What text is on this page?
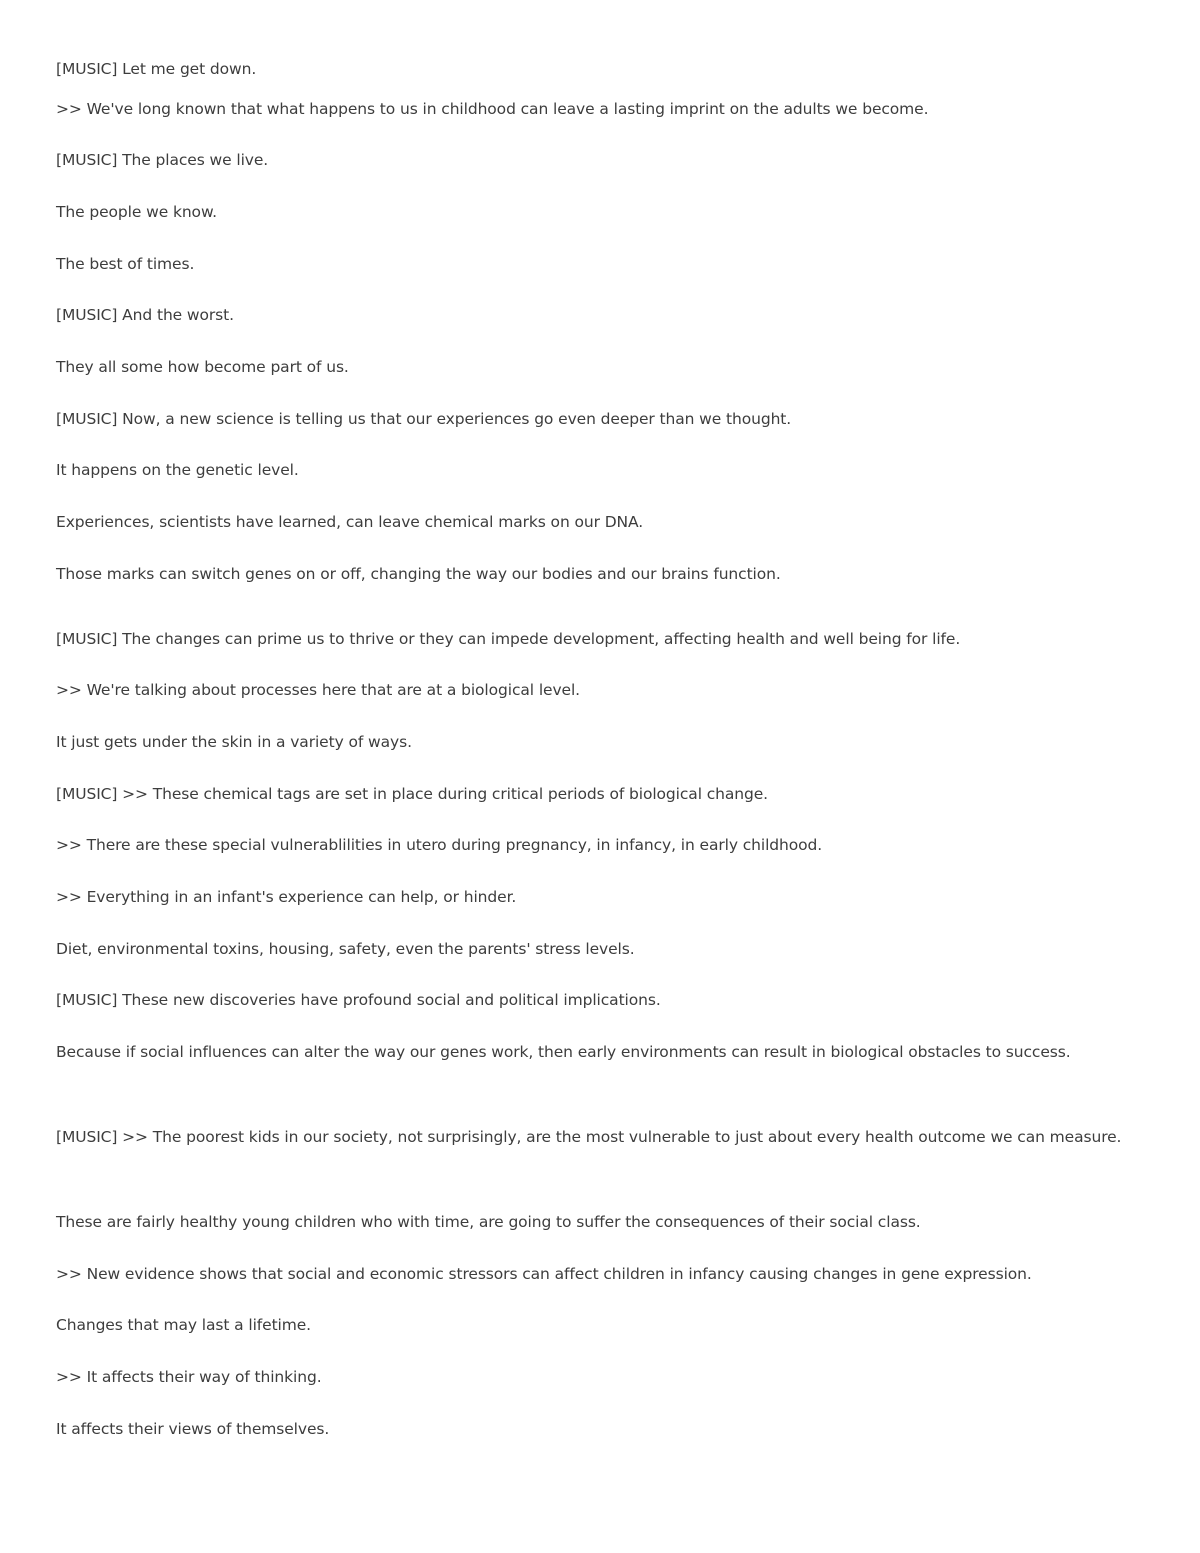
[MUSIC] Let me get down.

>> We've long known that what happens to us in childhood can leave a lasting imprint on the adults we become.

[MUSIC] The places we live.

The people we know.

The best of times.

[MUSIC] And the worst.

They all some how become part of us.

[MUSIC] Now, a new science is telling us that our experiences go even deeper than we thought.

It happens on the genetic level.

Experiences, scientists have learned, can leave chemical marks on our DNA.

Those marks can switch genes on or off, changing the way our bodies and our brains function.

[MUSIC] The changes can prime us to thrive or they can impede development, affecting health and well being for life.

>> We're talking about processes here that are at a biological level.

It just gets under the skin in a variety of ways.

[MUSIC] >> These chemical tags are set in place during critical periods of biological change.

>> There are these special vulnerablilities in utero during pregnancy, in infancy, in early childhood.

>> Everything in an infant's experience can help, or hinder.

Diet, environmental toxins, housing, safety, even the parents' stress levels.

[MUSIC] These new discoveries have profound social and political implications.

Because if social influences can alter the way our genes work, then early environments can result in biological obstacles to success.

[MUSIC] >> The poorest kids in our society, not surprisingly, are the most vulnerable to just about every health outcome we can measure.

These are fairly healthy young children who with time, are going to suffer the consequences of their social class.

>> New evidence shows that social and economic stressors can affect children in infancy causing changes in gene expression.

Changes that may last a lifetime.

>> It affects their way of thinking.

It affects their views of themselves.
